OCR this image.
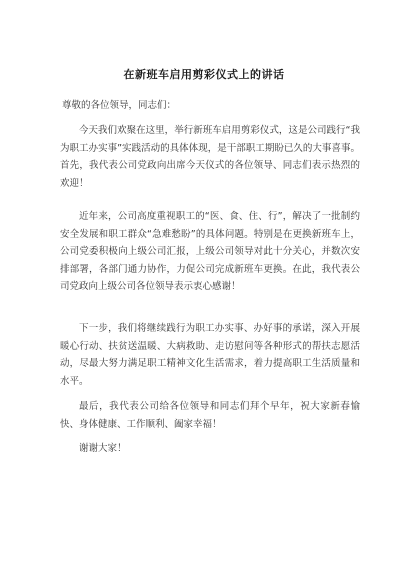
在新班车启用剪彩仪式上的讲话
尊敬的各位领导，同志们：

今天我们欢聚在这里，举行新班车启用剪彩仪式，这是公司践行“我为职工办实事”实践活动的具体体现，是干部职工期盼已久的大事喜事。首先，我代表公司党政向出席今天仪式的各位领导、同志们表示热烈的欢迎！

近年来，公司高度重视职工的“医、食、住、行”，解决了一批制约安全发展和职工群众“急难愁盼”的具体问题。特别是在更换新班车上，公司党委积极向上级公司汇报，上级公司领导对此十分关心，并数次安排部署，各部门通力协作，力促公司完成新班车更换。在此，我代表公司党政向上级公司各位领导表示衷心感谢！

下一步，我们将继续践行为职工办实事、办好事的承诺，深入开展暖心行动、扶贫送温暖、大病救助、走访慰问等各种形式的帮扶志愿活动，尽最大努力满足职工精神文化生活需求，着力提高职工生活质量和水平。

最后，我代表公司给各位领导和同志们拜个早年，祝大家新春愉快、身体健康、工作顺利、阖家幸福！

谢谢大家！
